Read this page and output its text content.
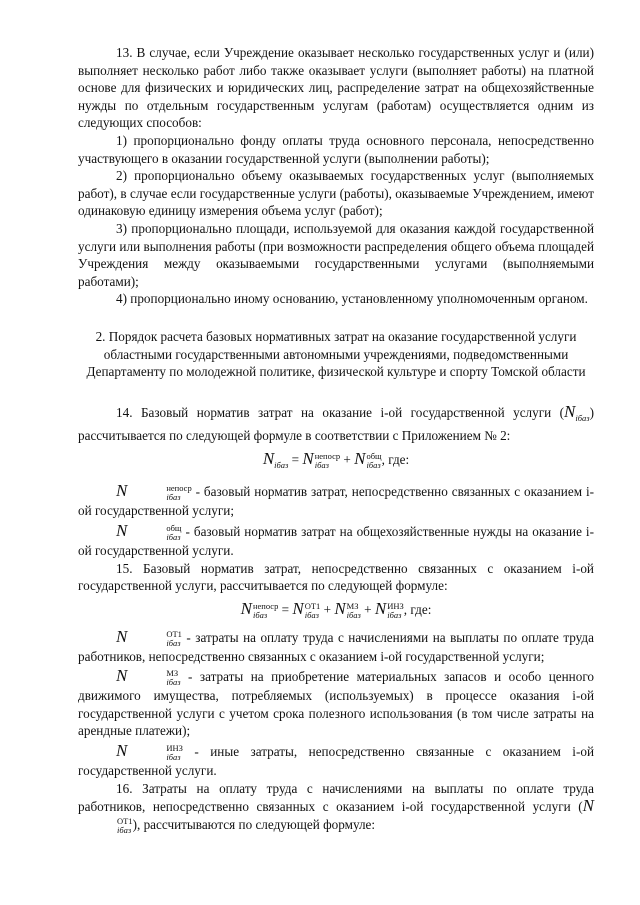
13. В случае, если Учреждение оказывает несколько государственных услуг и (или) выполняет несколько работ либо также оказывает услуги (выполняет работы) на платной основе для физических и юридических лиц, распределение затрат на общехозяйственные нужды по отдельным государственным услугам (работам) осуществляется одним из следующих способов:

1) пропорционально фонду оплаты труда основного персонала, непосредственно участвующего в оказании государственной услуги (выполнении работы);

2) пропорционально объему оказываемых государственных услуг (выполняемых работ), в случае если государственные услуги (работы), оказываемые Учреждением, имеют одинаковую единицу измерения объема услуг (работ);

3) пропорционально площади, используемой для оказания каждой государственной услуги или выполнения работы (при возможности распределения общего объема площадей Учреждения между оказываемыми государственными услугами (выполняемыми работами);

4) пропорционально иному основанию, установленному уполномоченным органом.

2. Порядок расчета базовых нормативных затрат на оказание государственной услуги областными государственными автономными учреждениями, подведомственными Департаменту по молодежной политике, физической культуре и спорту Томской области

14. Базовый норматив затрат на оказание i-ой государственной услуги $(N_{iбаз})$ рассчитывается по следующей формуле в соответствии с Приложением № 2:

$N_{iбаз} = N$ непоср
iбаз	+ N общ
iбаз , где:

N	непоср
iбаз	- базовый норматив затрат, непосредственно связанных с оказанием i-ой государственной услуги;

N	общ
iбаз - базовый норматив затрат на общехозяйственные нужды на оказание i-ой государственной услуги.

15. Базовый норматив затрат, непосредственно связанных с оказанием i-ой государственной услуги, рассчитывается по следующей формуле:

N непоср
iбаз	= N ОТ1
iбаз + N МЗ
iбаз + N ИНЗ
iбаз , где:

N	ОТ1
iбаз - затраты на оплату труда с начислениями на выплаты по оплате труда работников, непосредственно связанных с оказанием i-ой государственной услуги;

N	МЗ
iбаз - затраты на приобретение материальных запасов и особо ценного движимого имущества, потребляемых (используемых) в процессе оказания i-ой государственной услуги с учетом срока полезного использования (в том числе затраты на арендные платежи);

N	ИНЗ
iбаз - иные затраты, непосредственно связанные с оказанием i-ой государственной услуги.

16. Затраты на оплату труда с начислениями на выплаты по оплате труда работников, непосредственно связанных с оказанием i-ой государственной услуги (N
ОТ1
iбаз ), рассчитываются по следующей формуле:
